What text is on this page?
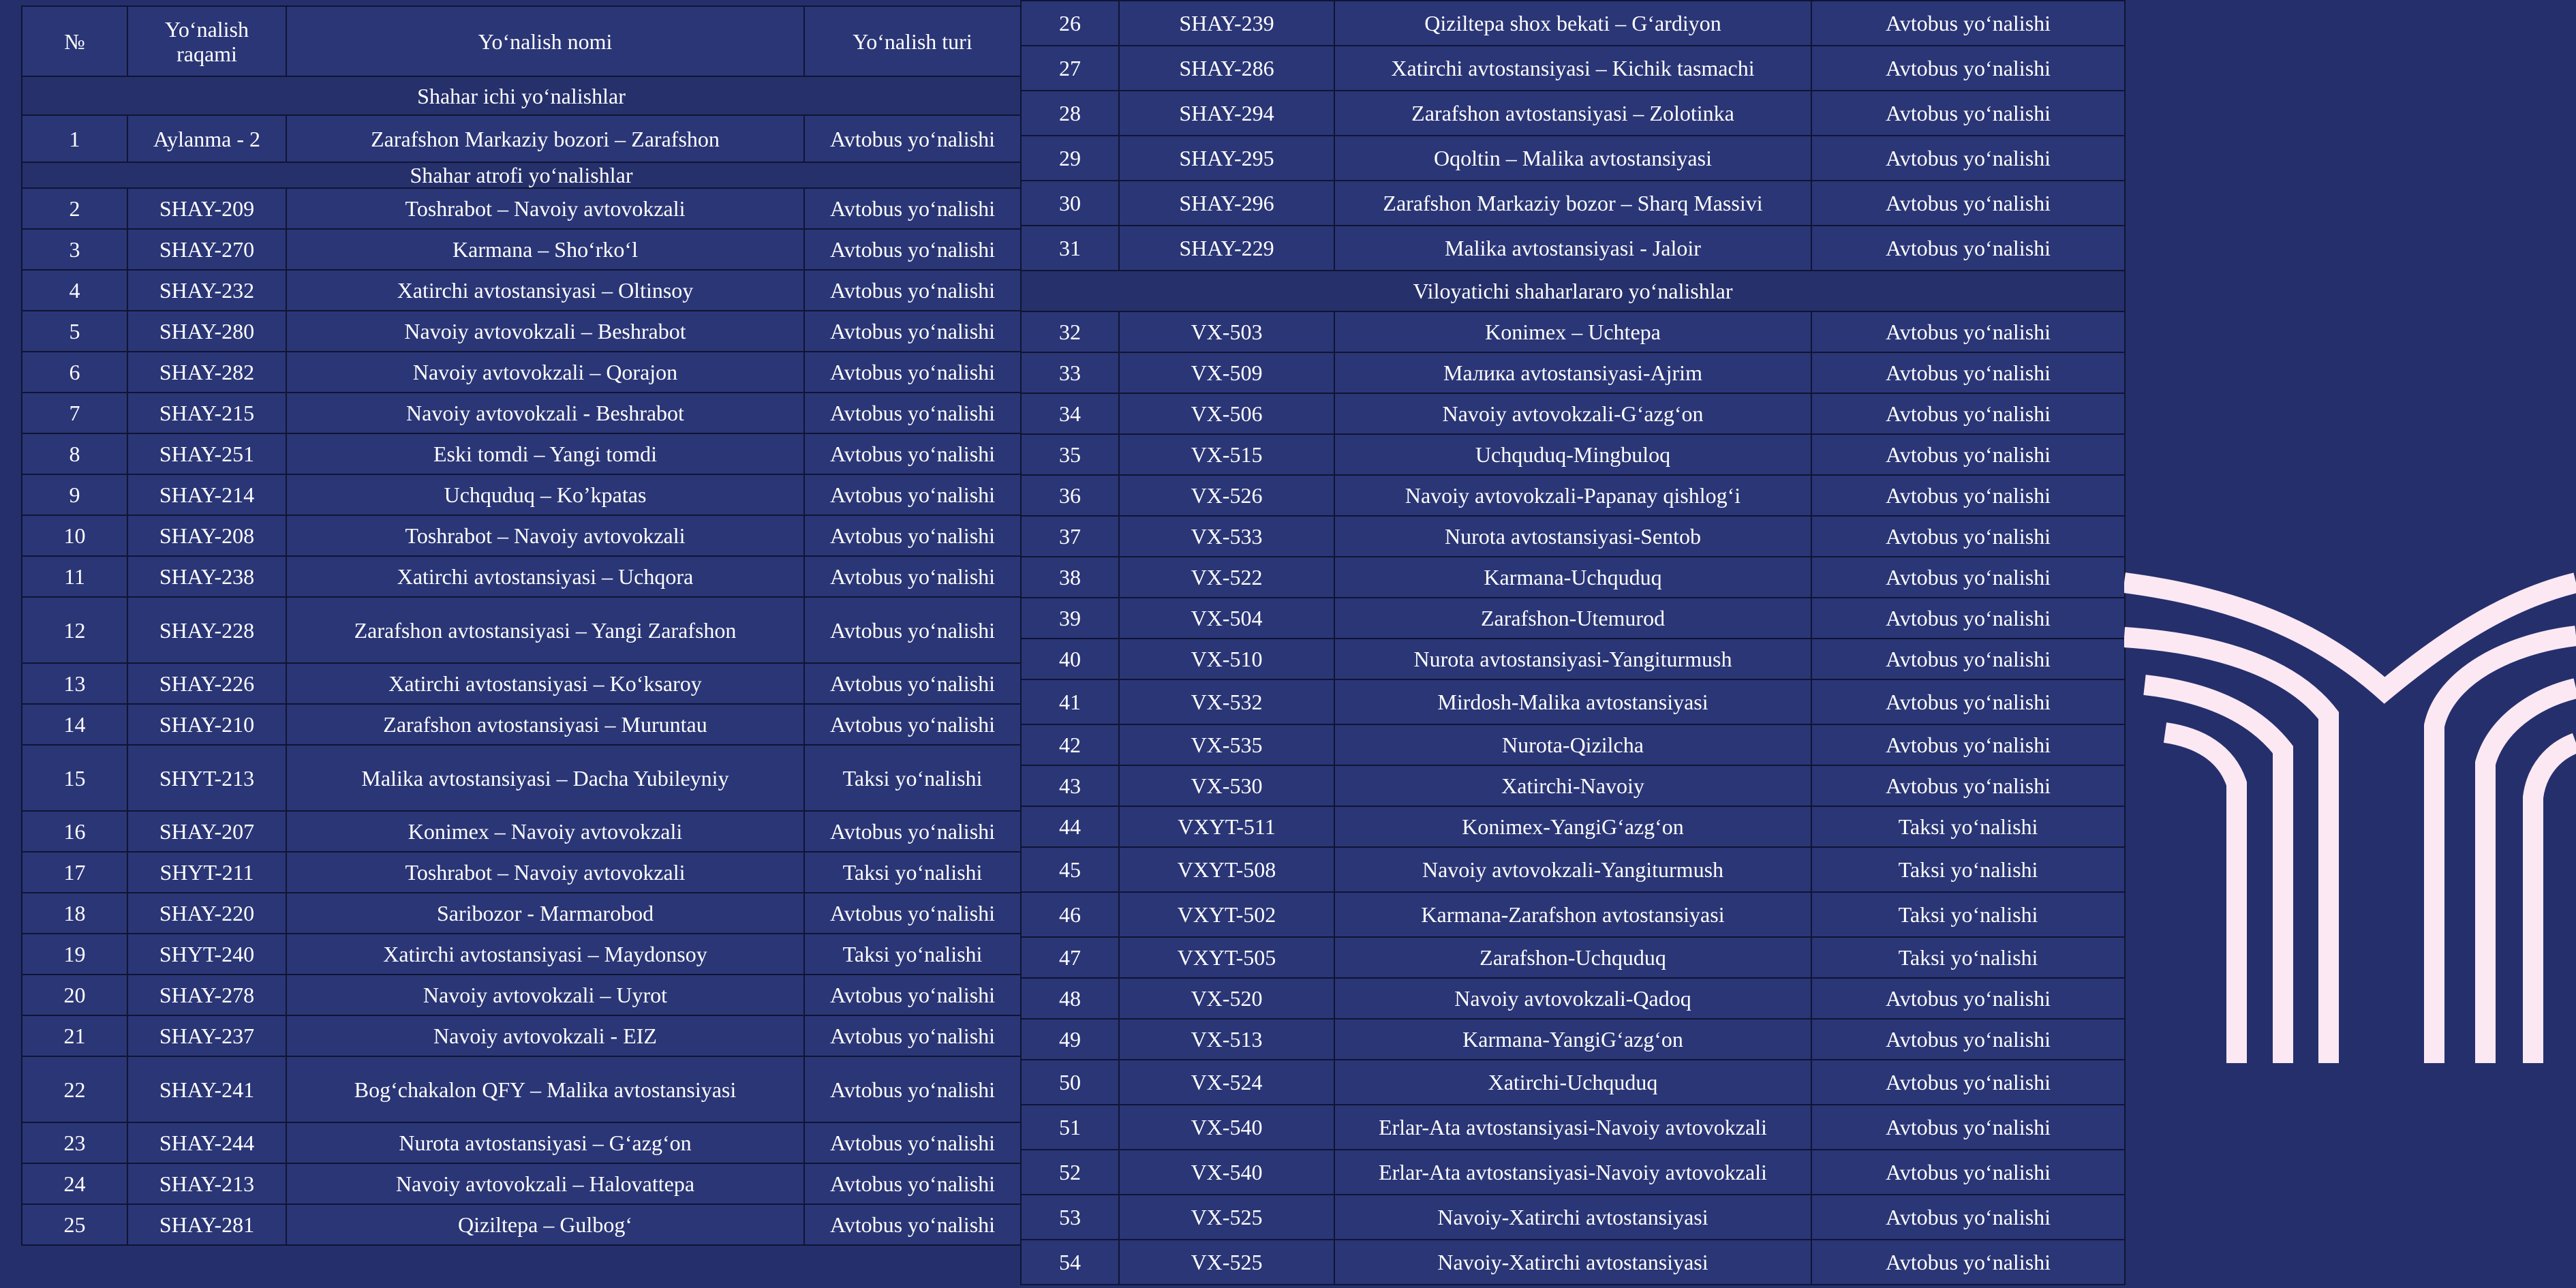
№	Yo‘nalish raqami	Yo‘nalish nomi	Yo‘nalish turi
Shahar ichi yo‘nalishlar			
1	Aylanma - 2	Zarafshon Markaziy bozori – Zarafshon	Avtobus yo‘nalishi
Shahar atrofi yo‘nalishlar			
2	SHAY-209	Toshrabot – Navoiy avtovokzali	Avtobus yo‘nalishi
3	SHAY-270	Karmana – Sho‘rko‘l	Avtobus yo‘nalishi
4	SHAY-232	Xatirchi avtostansiyasi – Oltinsoy	Avtobus yo‘nalishi
5	SHAY-280	Navoiy avtovokzali – Beshrabot	Avtobus yo‘nalishi
6	SHAY-282	Navoiy avtovokzali – Qorajon	Avtobus yo‘nalishi
7	SHAY-215	Navoiy avtovokzali - Beshrabot	Avtobus yo‘nalishi
8	SHAY-251	Eski tomdi – Yangi tomdi	Avtobus yo‘nalishi
9	SHAY-214	Uchquduq – Ko’kpatas	Avtobus yo‘nalishi
10	SHAY-208	Toshrabot – Navoiy avtovokzali	Avtobus yo‘nalishi
11	SHAY-238	Xatirchi avtostansiyasi – Uchqora	Avtobus yo‘nalishi
12	SHAY-228	Zarafshon avtostansiyasi – Yangi Zarafshon	Avtobus yo‘nalishi
13	SHAY-226	Xatirchi avtostansiyasi – Ko‘ksaroy	Avtobus yo‘nalishi
14	SHAY-210	Zarafshon avtostansiyasi – Muruntau	Avtobus yo‘nalishi
15	SHYT-213	Malika avtostansiyasi – Dacha Yubileyniy	Taksi yo‘nalishi
16	SHAY-207	Konimex – Navoiy avtovokzali	Avtobus yo‘nalishi
17	SHYT-211	Toshrabot – Navoiy avtovokzali	Taksi yo‘nalishi
18	SHAY-220	Saribozor - Marmarobod	Avtobus yo‘nalishi
19	SHYT-240	Xatirchi avtostansiyasi – Maydonsoy	Taksi yo‘nalishi
20	SHAY-278	Navoiy avtovokzali – Uyrot	Avtobus yo‘nalishi
21	SHAY-237	Navoiy avtovokzali - EIZ	Avtobus yo‘nalishi
22	SHAY-241	Bog‘chakalon QFY – Malika avtostansiyasi	Avtobus yo‘nalishi
23	SHAY-244	Nurota avtostansiyasi – G‘azg‘on	Avtobus yo‘nalishi
24	SHAY-213	Navoiy avtovokzali – Halovattepa	Avtobus yo‘nalishi
25	SHAY-281	Qiziltepa – Gulbog‘	Avtobus yo‘nalishi
26	SHAY-239	Qiziltepa shox bekati – G‘ardiyon	Avtobus yo‘nalishi
27	SHAY-286	Xatirchi avtostansiyasi – Kichik tasmachi	Avtobus yo‘nalishi
28	SHAY-294	Zarafshon avtostansiyasi – Zolotinka	Avtobus yo‘nalishi
29	SHAY-295	Oqoltin – Malika avtostansiyasi	Avtobus yo‘nalishi
30	SHAY-296	Zarafshon Markaziy bozor – Sharq Massivi	Avtobus yo‘nalishi
31	SHAY-229	Malika avtostansiyasi - Jaloir	Avtobus yo‘nalishi
Viloyatichi shaharlararo yo‘nalishlar			
32	VX-503	Konimex – Uchtepa	Avtobus yo‘nalishi
33	VX-509	Малика avtostansiyasi-Ajrim	Avtobus yo‘nalishi
34	VX-506	Navoiy avtovokzali-G‘azg‘on	Avtobus yo‘nalishi
35	VX-515	Uchquduq-Mingbuloq	Avtobus yo‘nalishi
36	VX-526	Navoiy avtovokzali-Papanay qishlog‘i	Avtobus yo‘nalishi
37	VX-533	Nurota avtostansiyasi-Sentob	Avtobus yo‘nalishi
38	VX-522	Karmana-Uchquduq	Avtobus yo‘nalishi
39	VX-504	Zarafshon-Utemurod	Avtobus yo‘nalishi
40	VX-510	Nurota avtostansiyasi-Yangiturmush	Avtobus yo‘nalishi
41	VX-532	Mirdosh-Malika avtostansiyasi	Avtobus yo‘nalishi
42	VX-535	Nurota-Qizilcha	Avtobus yo‘nalishi
43	VX-530	Xatirchi-Navoiy	Avtobus yo‘nalishi
44	VXYT-511	Konimex-YangiG‘azg‘on	Taksi yo‘nalishi
45	VXYT-508	Navoiy avtovokzali-Yangiturmush	Taksi yo‘nalishi
46	VXYT-502	Karmana-Zarafshon avtostansiyasi	Taksi yo‘nalishi
47	VXYT-505	Zarafshon-Uchquduq	Taksi yo‘nalishi
48	VX-520	Navoiy avtovokzali-Qadoq	Avtobus yo‘nalishi
49	VX-513	Karmana-YangiG‘azg‘on	Avtobus yo‘nalishi
50	VX-524	Xatirchi-Uchquduq	Avtobus yo‘nalishi
51	VX-540	Erlar-Ata avtostansiyasi-Navoiy avtovokzali	Avtobus yo‘nalishi
52	VX-540	Erlar-Ata avtostansiyasi-Navoiy avtovokzali	Avtobus yo‘nalishi
53	VX-525	Navoiy-Xatirchi avtostansiyasi	Avtobus yo‘nalishi
54	VX-525	Navoiy-Xatirchi avtostansiyasi	Avtobus yo‘nalishi
